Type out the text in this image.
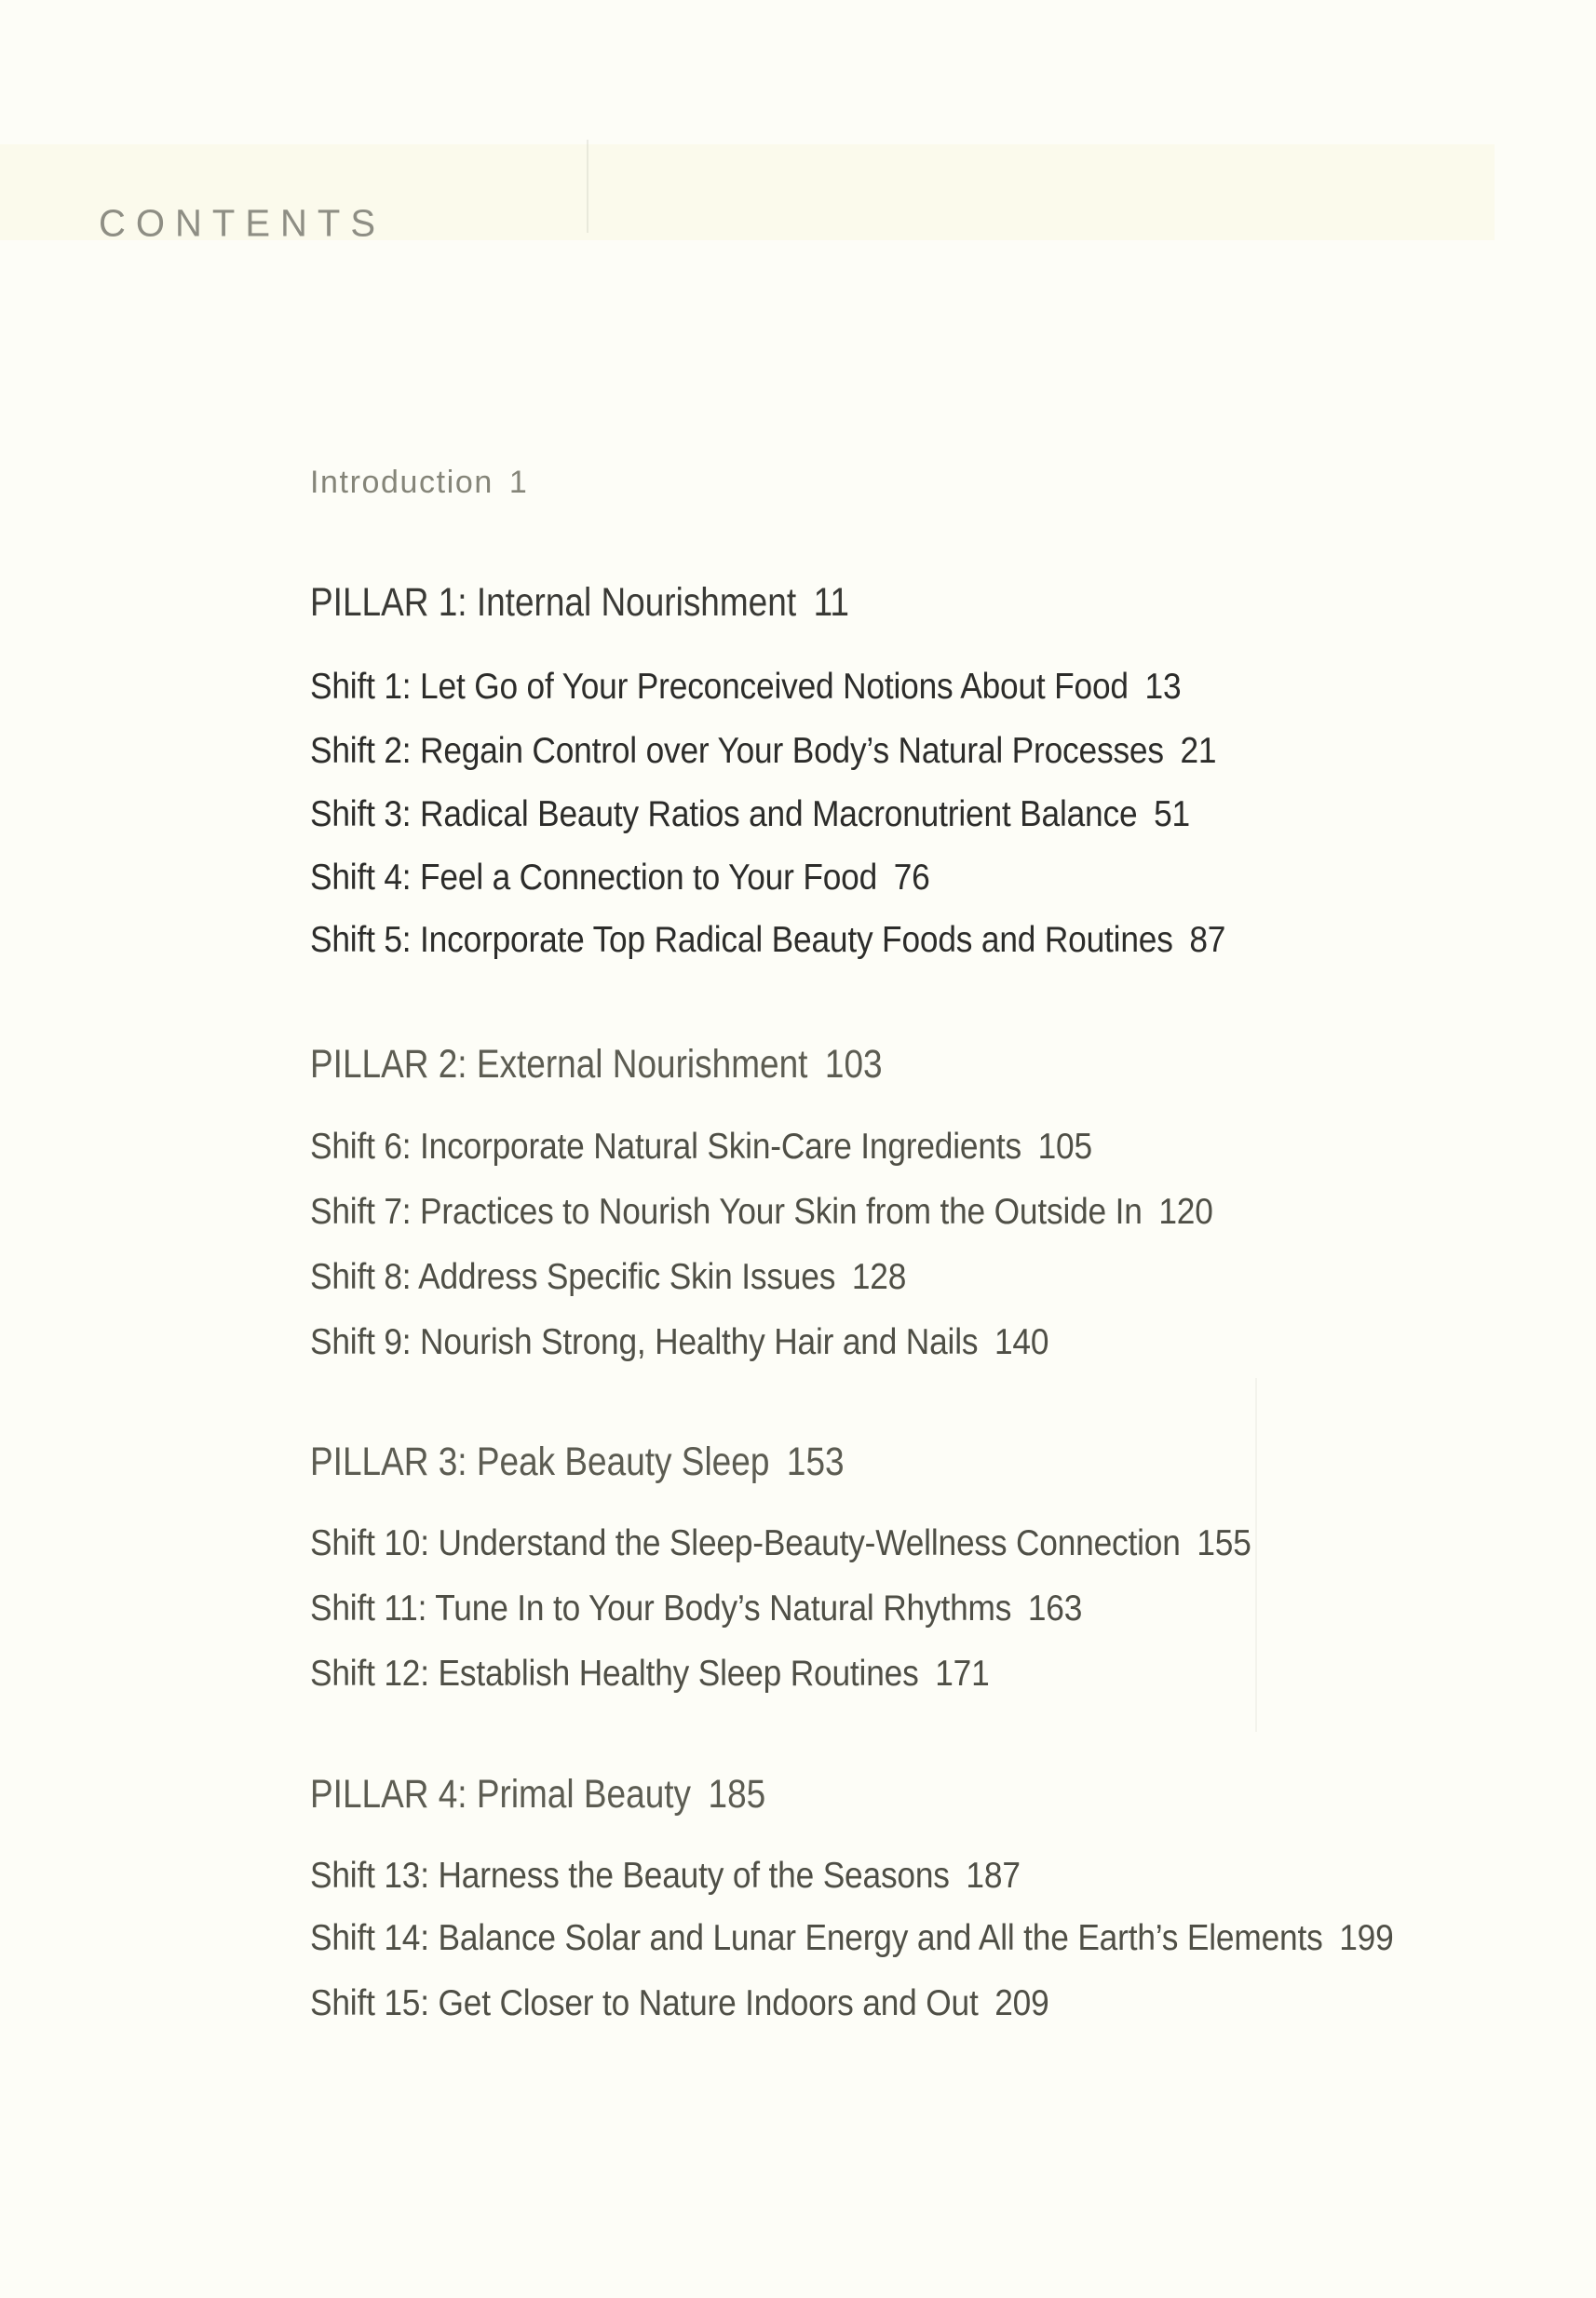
CONTENTS
Introduction 1
PILLAR 1: Internal Nourishment 11
Shift 1: Let Go of Your Preconceived Notions About Food 13
Shift 2: Regain Control over Your Body’s Natural Processes 21
Shift 3: Radical Beauty Ratios and Macronutrient Balance 51
Shift 4: Feel a Connection to Your Food 76
Shift 5: Incorporate Top Radical Beauty Foods and Routines 87
PILLAR 2: External Nourishment 103
Shift 6: Incorporate Natural Skin-Care Ingredients 105
Shift 7: Practices to Nourish Your Skin from the Outside In 120
Shift 8: Address Specific Skin Issues 128
Shift 9: Nourish Strong, Healthy Hair and Nails 140
PILLAR 3: Peak Beauty Sleep 153
Shift 10: Understand the Sleep-Beauty-Wellness Connection 155
Shift 11: Tune In to Your Body’s Natural Rhythms 163
Shift 12: Establish Healthy Sleep Routines 171
PILLAR 4: Primal Beauty 185
Shift 13: Harness the Beauty of the Seasons 187
Shift 14: Balance Solar and Lunar Energy and All the Earth’s Elements 199
Shift 15: Get Closer to Nature Indoors and Out 209
